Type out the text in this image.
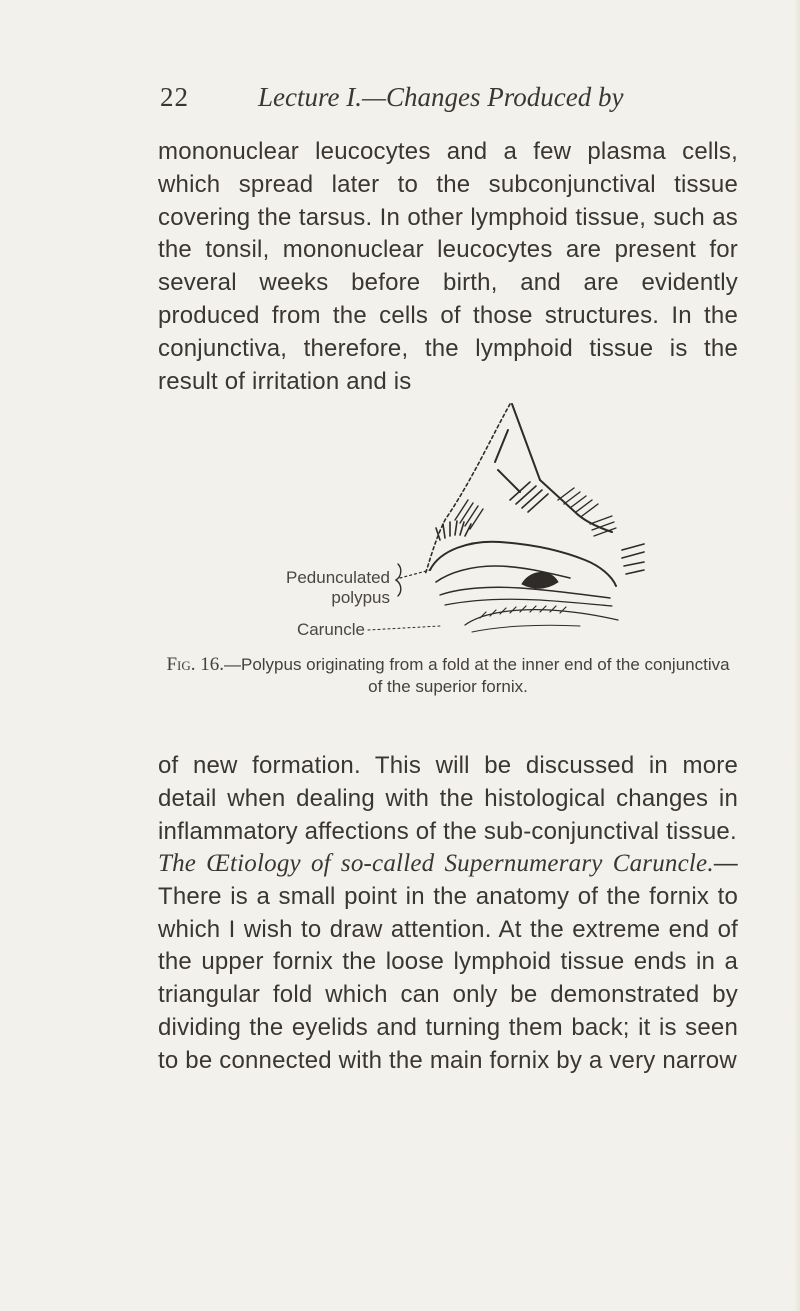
22	Lecture I.—Changes Produced by

mononuclear leucocytes and a few plasma cells, which spread later to the subconjunctival tissue covering the tarsus. In other lymphoid tissue, such as the tonsil, mononuclear leucocytes are present for several weeks before birth, and are evidently produced from the cells of those structures. In the conjunctiva, therefore, the lymphoid tissue is the result of irritation and is

Pedunculated polypus
Caruncle
Fig. 16.—Polypus originating from a fold at the inner end of the conjunctiva of the superior fornix.

of new formation. This will be discussed in more detail when dealing with the histological changes in inflammatory affections of the sub-conjunctival tissue.

The Œtiology of so-called Supernumerary Caruncle.—There is a small point in the anatomy of the fornix to which I wish to draw attention. At the extreme end of the upper fornix the loose lymphoid tissue ends in a triangular fold which can only be demonstrated by dividing the eyelids and turning them back; it is seen to be connected with the main fornix by a very narrow
